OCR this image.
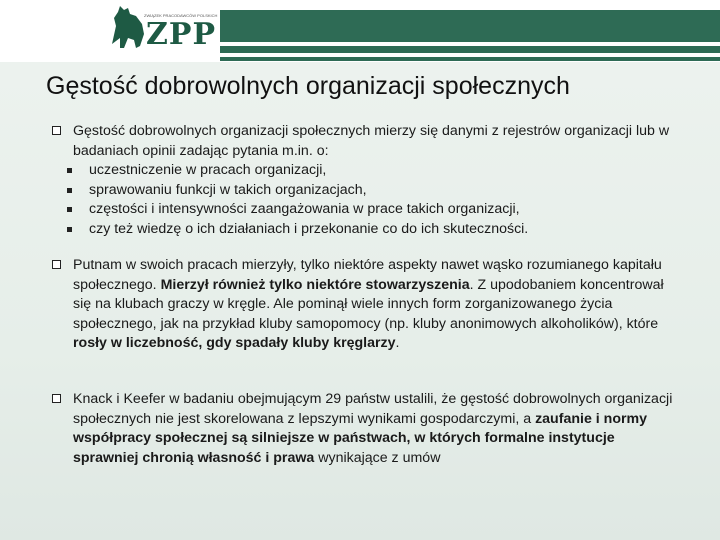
ZWIĄZEK PRACODAWCÓW POLSKICH
ZPP
Gęstość dobrowolnych organizacji społecznych
Gęstość dobrowolnych organizacji społecznych mierzy się danymi z rejestrów organizacji lub w badaniach opinii zadając pytania m.in. o:
uczestniczenie w pracach organizacji,
sprawowaniu funkcji w takich organizacjach,
częstości i intensywności zaangażowania w prace takich organizacji,
czy też wiedzę o ich działaniach i przekonanie co do ich skuteczności.
Putnam w swoich pracach mierzyły, tylko niektóre aspekty nawet wąsko rozumianego kapitału społecznego. Mierzył również tylko niektóre stowarzyszenia. Z upodobaniem koncentrował się na klubach graczy w kręgle. Ale pominął wiele innych form zorganizowanego życia społecznego, jak na przykład kluby samopomocy (np. kluby anonimowych alkoholików), które rosły w liczebność, gdy spadały kluby kręglarzy.
Knack i Keefer w badaniu obejmującym 29 państw ustalili, że gęstość dobrowolnych organizacji społecznych nie jest skorelowana z lepszymi wynikami gospodarczymi, a zaufanie i normy współpracy społecznej są silniejsze w państwach, w których formalne instytucje sprawniej chronią własność i prawa wynikające z umów
